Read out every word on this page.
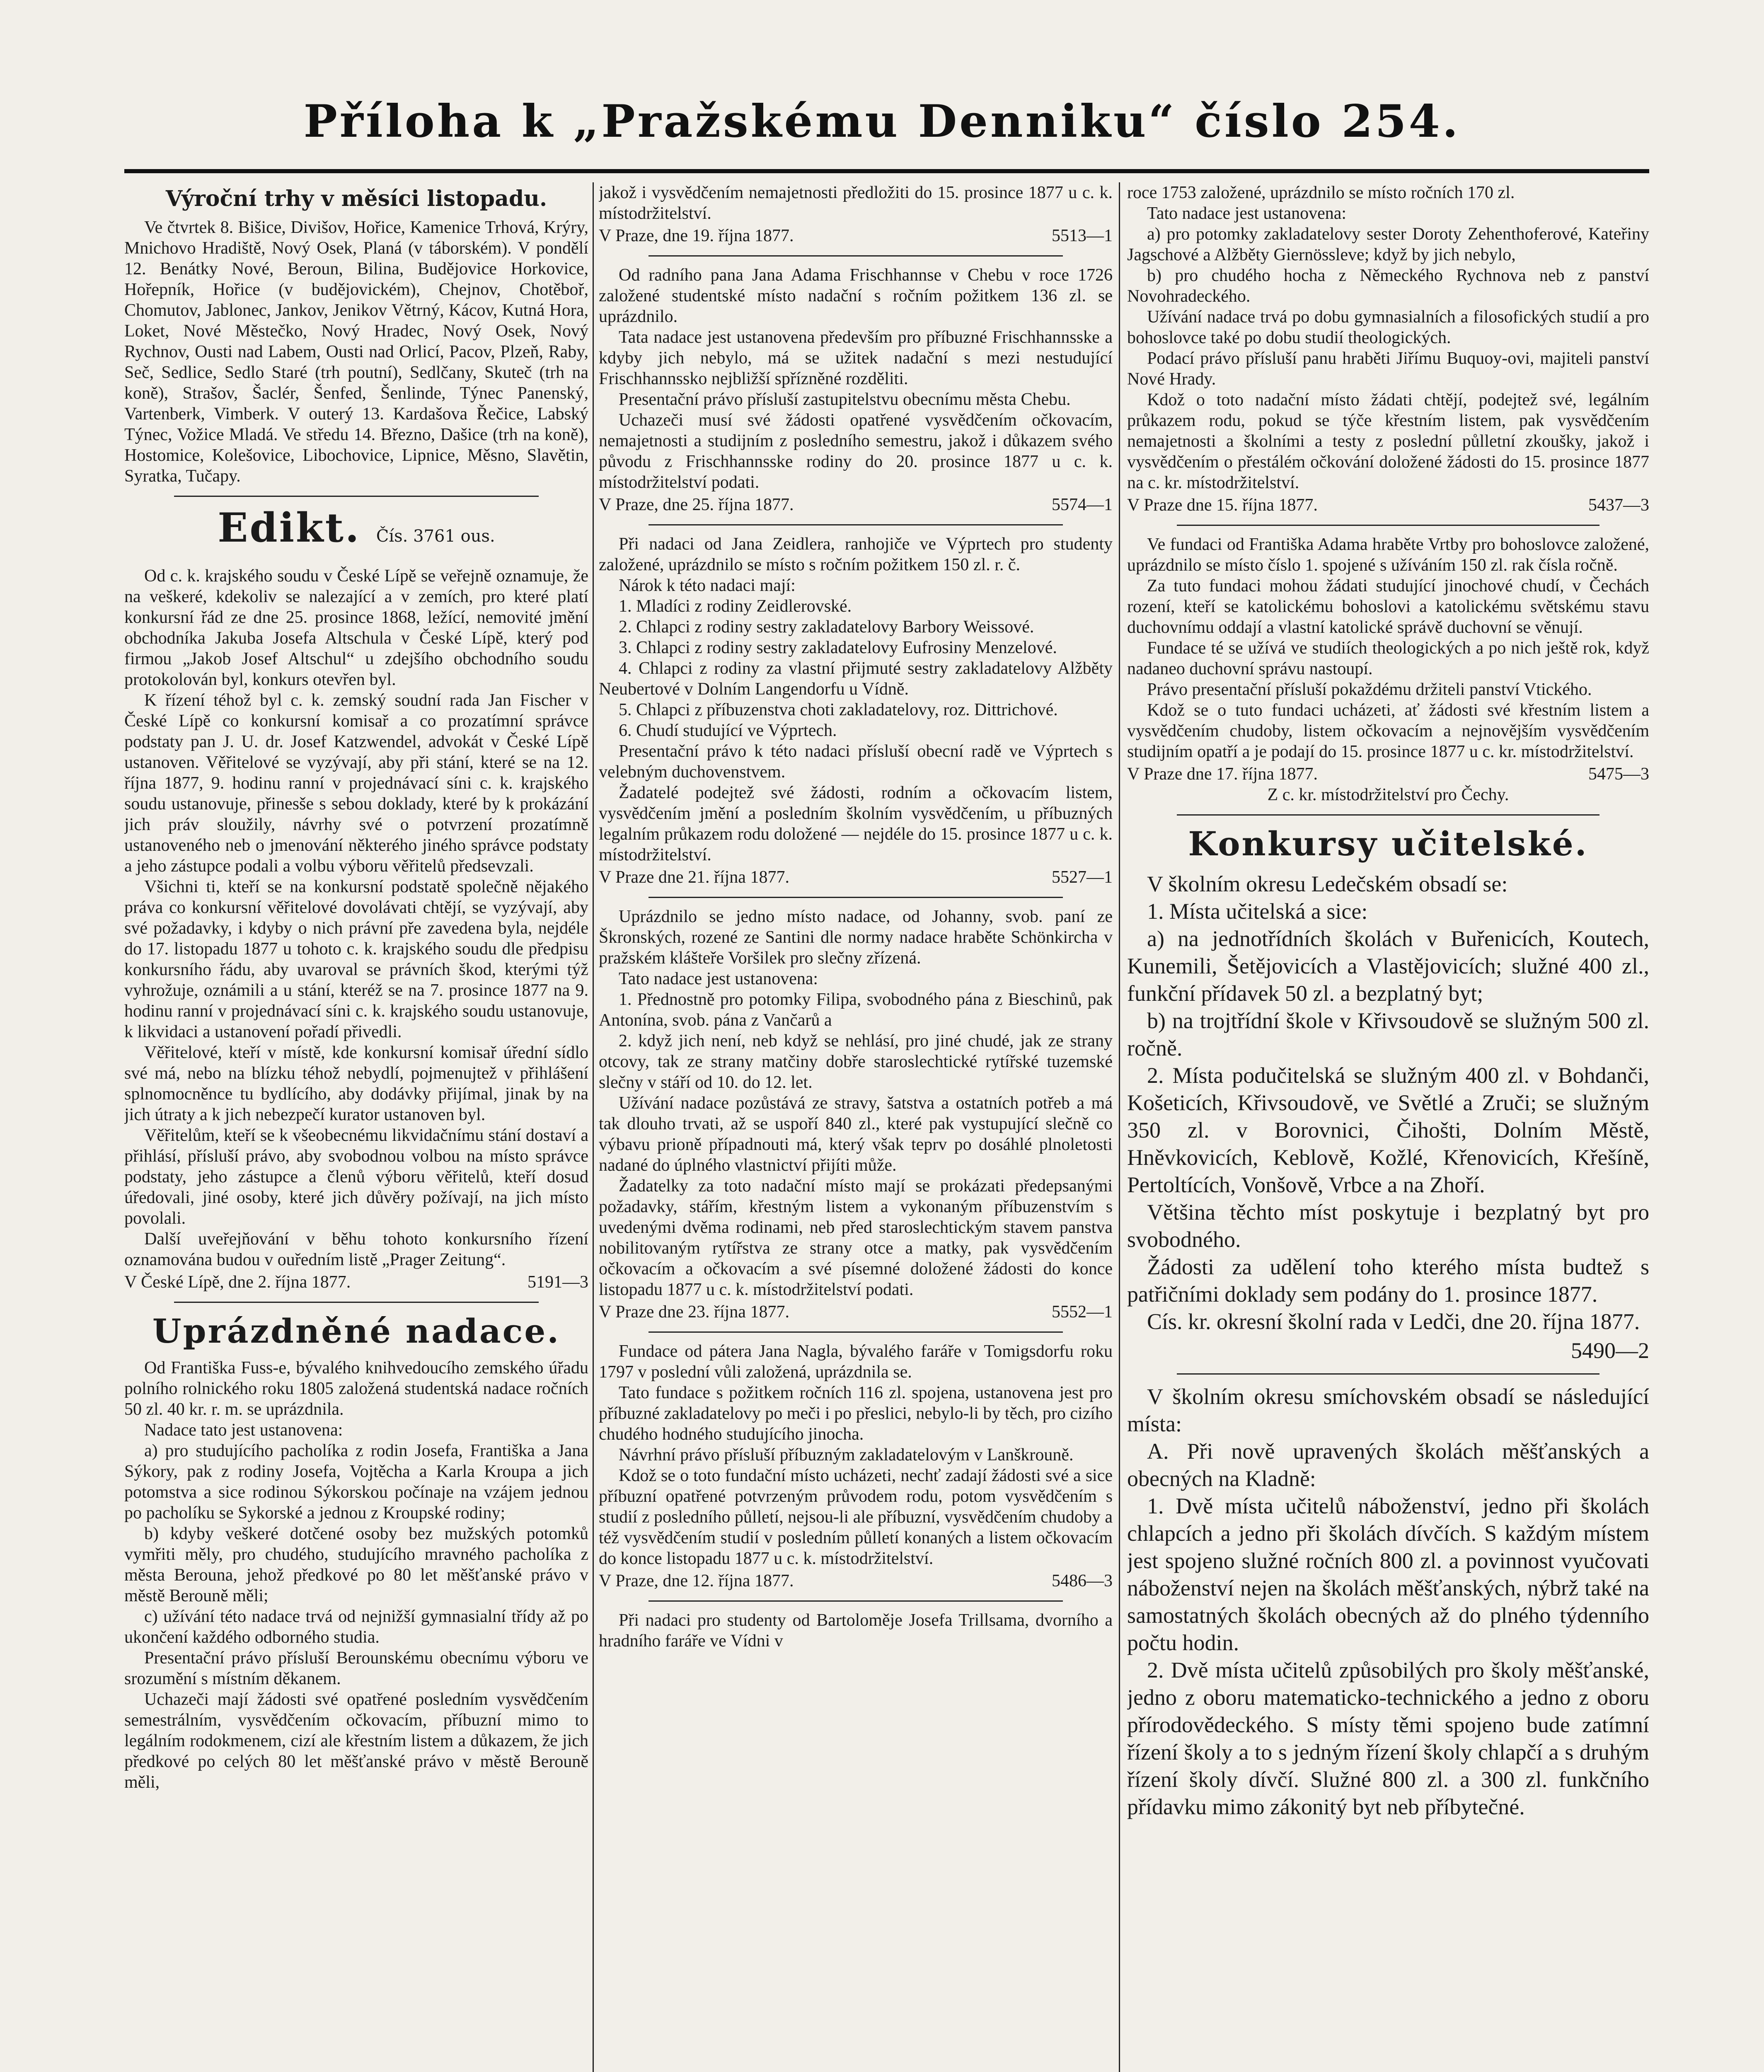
Příloha k „Pražskému Denniku“ číslo 254.
Výroční trhy v měsíci listopadu.

Ve čtvrtek 8. Bišice, Divišov, Hořice, Kamenice Trhová, Krýry, Mnichovo Hradiště, Nový Osek, Planá (v táborském). V pondělí 12. Benátky Nové, Beroun, Bilina, Budějovice Horkovice, Hořepník, Hořice (v budějovickém), Chejnov, Chotěboř, Chomutov, Jablonec, Jankov, Jenikov Větrný, Kácov, Kutná Hora, Loket, Nové Městečko, Nový Hradec, Nový Osek, Nový Rychnov, Ousti nad Labem, Ousti nad Orlicí, Pacov, Plzeň, Raby, Seč, Sedlice, Sedlo Staré (trh poutní), Sedlčany, Skuteč (trh na koně), Strašov, Šaclér, Šenfed, Šenlinde, Týnec Panenský, Vartenberk, Vimberk. V outerý 13. Kardašova Řečice, Labský Týnec, Vožice Mladá. Ve středu 14. Březno, Dašice (trh na koně), Hostomice, Kolešovice, Libochovice, Lipnice, Měsno, Slavětin, Syratka, Tučapy.

Edikt. Čís. 3761 ous.

Od c. k. krajského soudu v České Lípě se veřejně oznamuje, že na veškeré, kdekoliv se nalezající a v zemích, pro které platí konkursní řád ze dne 25. prosince 1868, ležící, nemovité jmění obchodníka Jakuba Josefa Altschula v České Lípě, který pod firmou „Jakob Josef Altschul“ u zdejšího obchodního soudu protokolován byl, konkurs otevřen byl.

K řízení téhož byl c. k. zemský soudní rada Jan Fischer v České Lípě co konkursní komisař a co prozatímní správce podstaty pan J. U. dr. Josef Katzwendel, advokát v České Lípě ustanoven. Věřitelové se vyzývají, aby při stání, které se na 12. října 1877, 9. hodinu ranní v projednávací síni c. k. krajského soudu ustanovuje, přinesše s sebou doklady, které by k prokázání jich práv sloužily, návrhy své o potvrzení prozatímně ustanoveného neb o jmenování některého jiného správce podstaty a jeho zástupce podali a volbu výboru věřitelů předsevzali.

Všichni ti, kteří se na konkursní podstatě společně nějakého práva co konkursní věřitelové dovolávati chtějí, se vyzývají, aby své požadavky, i kdyby o nich právní pře zavedena byla, nejdéle do 17. listopadu 1877 u tohoto c. k. krajského soudu dle předpisu konkursního řádu, aby uvaroval se právních škod, kterými týž vyhrožuje, oznámili a u stání, kteréž se na 7. prosince 1877 na 9. hodinu ranní v projednávací síni c. k. krajského soudu ustanovuje, k likvidaci a ustanovení pořadí přivedli.

Věřitelové, kteří v místě, kde konkursní komisař úřední sídlo své má, nebo na blízku téhož nebydlí, pojmenujtež v přihlášení splnomocněnce tu bydlícího, aby dodávky přijímal, jinak by na jich útraty a k jich nebezpečí kurator ustanoven byl.

Věřitelům, kteří se k všeobecnému likvidačnímu stání dostaví a přihlásí, přísluší právo, aby svobodnou volbou na místo správce podstaty, jeho zástupce a členů výboru věřitelů, kteří dosud úředovali, jiné osoby, které jich důvěry požívají, na jich místo povolali.

Další uveřejňování v běhu tohoto konkursního řízení oznamována budou v ouředním listě „Prager Zeitung“.

V České Lípě, dne 2. října 1877.	5191—3
Uprázdněné nadace.

Od Františka Fuss-e, bývalého knihvedoucího zemského úřadu polního rolnického roku 1805 založená studentská nadace ročních 50 zl. 40 kr. r. m. se uprázdnila.

Nadace tato jest ustanovena:

a) pro studujícího pacholíka z rodin Josefa, Františka a Jana Sýkory, pak z rodiny Josefa, Vojtěcha a Karla Kroupa a jich potomstva a sice rodinou Sýkorskou počínaje na vzájem jednou po pacholíku se Sykorské a jednou z Kroupské rodiny;

b) kdyby veškeré dotčené osoby bez mužských potomků vymřiti měly, pro chudého, studujícího mravného pacholíka z města Berouna, jehož předkové po 80 let měšťanské právo v městě Berouně měli;

c) užívání této nadace trvá od nejnižší gymnasialní třídy až po ukončení každého odborného studia.

Presentační právo přísluší Berounskému obecnímu výboru ve srozumění s místním děkanem.

Uchazeči mají žádosti své opatřené posledním vysvědčením semestrálním, vysvědčením očkovacím, příbuzní mimo to legálním rodokmenem, cizí ale křestním listem a důkazem, že jich předkové po celých 80 let měšťanské právo v městě Berouně měli,

jakož i vysvědčením nemajetnosti předložiti do 15. prosince 1877 u c. k. místodržitelství.

V Praze, dne 19. října 1877.	5513—1

Od radního pana Jana Adama Frischhannse v Chebu v roce 1726 založené studentské místo nadační s ročním požitkem 136 zl. se uprázdnilo.

Tata nadace jest ustanovena především pro příbuzné Frischhannsske a kdyby jich nebylo, má se užitek nadační s mezi nestudující Frischhannssko nejbližší spřízněné rozděliti.

Presentační právo přísluší zastupitelstvu obecnímu města Chebu.

Uchazeči musí své žádosti opatřené vysvědčením očkovacím, nemajetnosti a studijním z posledního semestru, jakož i důkazem svého původu z Frischhannsske rodiny do 20. prosince 1877 u c. k. místodržitelství podati.

V Praze, dne 25. října 1877.	5574—1

Při nadaci od Jana Zeidlera, ranhojiče ve Výprtech pro studenty založené, uprázdnilo se místo s ročním požitkem 150 zl. r. č.

Nárok k této nadaci mají:

1. Mladíci z rodiny Zeidlerovské.

2. Chlapci z rodiny sestry zakladatelovy Barbory Weissové.

3. Chlapci z rodiny sestry zakladatelovy Eufrosiny Menzelové.

4. Chlapci z rodiny za vlastní přijmuté sestry zakladatelovy Alžběty Neubertové v Dolním Langendorfu u Vídně.

5. Chlapci z příbuzenstva choti zakladatelovy, roz. Dittrichové.

6. Chudí studující ve Výprtech.

Presentační právo k této nadaci přísluší obecní radě ve Výprtech s velebným duchovenstvem.

Žadatelé podejtež své žádosti, rodním a očkovacím listem, vysvědčením jmění a posledním školním vysvědčením, u příbuzných legalním průkazem rodu doložené — nejdéle do 15. prosince 1877 u c. k. místodržitelství.

V Praze dne 21. října 1877.	5527—1

Uprázdnilo se jedno místo nadace, od Johanny, svob. paní ze Škronských, rozené ze Santini dle normy nadace hraběte Schönkircha v pražském klášteře Voršilek pro slečny zřízená.

Tato nadace jest ustanovena:

1. Přednostně pro potomky Filipa, svobodného pána z Bieschinů, pak Antonína, svob. pána z Vančarů a

2. když jich není, neb když se nehlásí, pro jiné chudé, jak ze strany otcovy, tak ze strany matčiny dobře staroslechtické rytířské tuzemské slečny v stáří od 10. do 12. let.

Užívání nadace pozůstává ze stravy, šatstva a ostatních potřeb a má tak dlouho trvati, až se uspoří 840 zl., které pak vystupující slečně co výbavu prioně případnouti má, který však teprv po dosáhlé plnoletosti nadané do úplného vlastnictví přijíti může.

Žadatelky za toto nadační místo mají se prokázati předepsanými požadavky, stářím, křestným listem a vykonaným příbuzenstvím s uvedenými dvěma rodinami, neb před staroslechtickým stavem panstva nobilitovaným rytířstva ze strany otce a matky, pak vysvědčením očkovacím a očkovacím a své písemné doložené žádosti do konce listopadu 1877 u c. k. místodržitelství podati.

V Praze dne 23. října 1877.	5552—1

Fundace od pátera Jana Nagla, bývalého faráře v Tomigsdorfu roku 1797 v poslední vůli založená, uprázdnila se.

Tato fundace s požitkem ročních 116 zl. spojena, ustanovena jest pro příbuzné zakladatelovy po meči i po přeslici, nebylo-li by těch, pro cizího chudého hodného studujícího jinocha.

Návrhní právo přísluší příbuzným zakladatelovým v Lanškrouně.

Kdož se o toto fundační místo ucházeti, nechť zadají žádosti své a sice příbuzní opatřené potvrzeným průvodem rodu, potom vysvědčením s studií z posledního půlletí, nejsou-li ale příbuzní, vysvědčením chudoby a též vysvědčením studií v posledním půlletí konaných a listem očkovacím do konce listopadu 1877 u c. k. místodržitelství.

V Praze, dne 12. října 1877.	5486—3

Při nadaci pro studenty od Bartoloměje Josefa Trillsama, dvorního a hradního faráře ve Vídni v

roce 1753 založené, uprázdnilo se místo ročních 170 zl.

Tato nadace jest ustanovena:

a) pro potomky zakladatelovy sester Doroty Zehenthoferové, Kateřiny Jagschové a Alžběty Giernössleve; když by jich nebylo,

b) pro chudého hocha z Německého Rychnova neb z panství Novohradeckého.

Užívání nadace trvá po dobu gymnasialních a filosofických studií a pro bohoslovce také po dobu studií theologických.

Podací právo přísluší panu hraběti Jiřímu Buquoy-ovi, majiteli panství Nové Hrady.

Kdož o toto nadační místo žádati chtějí, podejtež své, legálním průkazem rodu, pokud se týče křestním listem, pak vysvědčením nemajetnosti a školními a testy z poslední půlletní zkoušky, jakož i vysvědčením o přestálém očkování doložené žádosti do 15. prosince 1877 na c. kr. místodržitelství.

V Praze dne 15. října 1877.	5437—3

Ve fundaci od Františka Adama hraběte Vrtby pro bohoslovce založené, uprázdnilo se místo číslo 1. spojené s užíváním 150 zl. rak čísla ročně.

Za tuto fundaci mohou žádati studující jinochové chudí, v Čechách rození, kteří se katolickému bohoslovi a katolickému světskému stavu duchovnímu oddají a vlastní katolické správě duchovní se věnují.

Fundace té se užívá ve studiích theologických a po nich ještě rok, když nadaneo duchovní správu nastoupí.

Právo presentační přísluší pokaždému držiteli panství Vtického.

Kdož se o tuto fundaci ucházeti, ať žádosti své křestním listem a vysvědčením chudoby, listem očkovacím a nejnovějším vysvědčením studijním opatří a je podají do 15. prosince 1877 u c. kr. místodržitelství.

V Praze dne 17. října 1877.	5475—3

Z c. kr. místodržitelství pro Čechy.

Konkursy učitelské.

V školním okresu Ledečském obsadí se:

1. Místa učitelská a sice:

a) na jednotřídních školách v Buřenicích, Koutech, Kunemili, Šetějovicích a Vlastějovicích; služné 400 zl., funkční přídavek 50 zl. a bezplatný byt;

b) na trojtřídní škole v Křivsoudově se služným 500 zl. ročně.

2. Místa podučitelská se služným 400 zl. v Bohdanči, Košeticích, Křivsoudově, ve Světlé a Zruči; se služným 350 zl. v Borovnici, Čihošti, Dolním Městě, Hněvkovicích, Keblově, Kožlé, Křenovicích, Křešíně, Pertoltících, Vonšově, Vrbce a na Zhoří.

Většina těchto míst poskytuje i bezplatný byt pro svobodného.

Žádosti za udělení toho kterého místa budtež s patřičními doklady sem podány do 1. prosince 1877.

Cís. kr. okresní školní rada v Ledči, dne 20. října 1877.

5490—2

V školním okresu smíchovském obsadí se následující místa:

A. Při nově upravených školách měšťanských a obecných na Kladně:

1. Dvě místa učitelů náboženství, jedno při školách chlapcích a jedno při školách dívčích. S každým místem jest spojeno služné ročních 800 zl. a povinnost vyučovati náboženství nejen na školách měšťanských, nýbrž také na samostatných školách obecných až do plného týdenního počtu hodin.

2. Dvě místa učitelů způsobilých pro školy měšťanské, jedno z oboru matematicko-technického a jedno z oboru přírodovědeckého. S místy těmi spojeno bude zatímní řízení školy a to s jedným řízení školy chlapčí a s druhým řízení školy dívčí. Služné 800 zl. a 300 zl. funkčního přídavku mimo zákonitý byt neb příbytečné.
